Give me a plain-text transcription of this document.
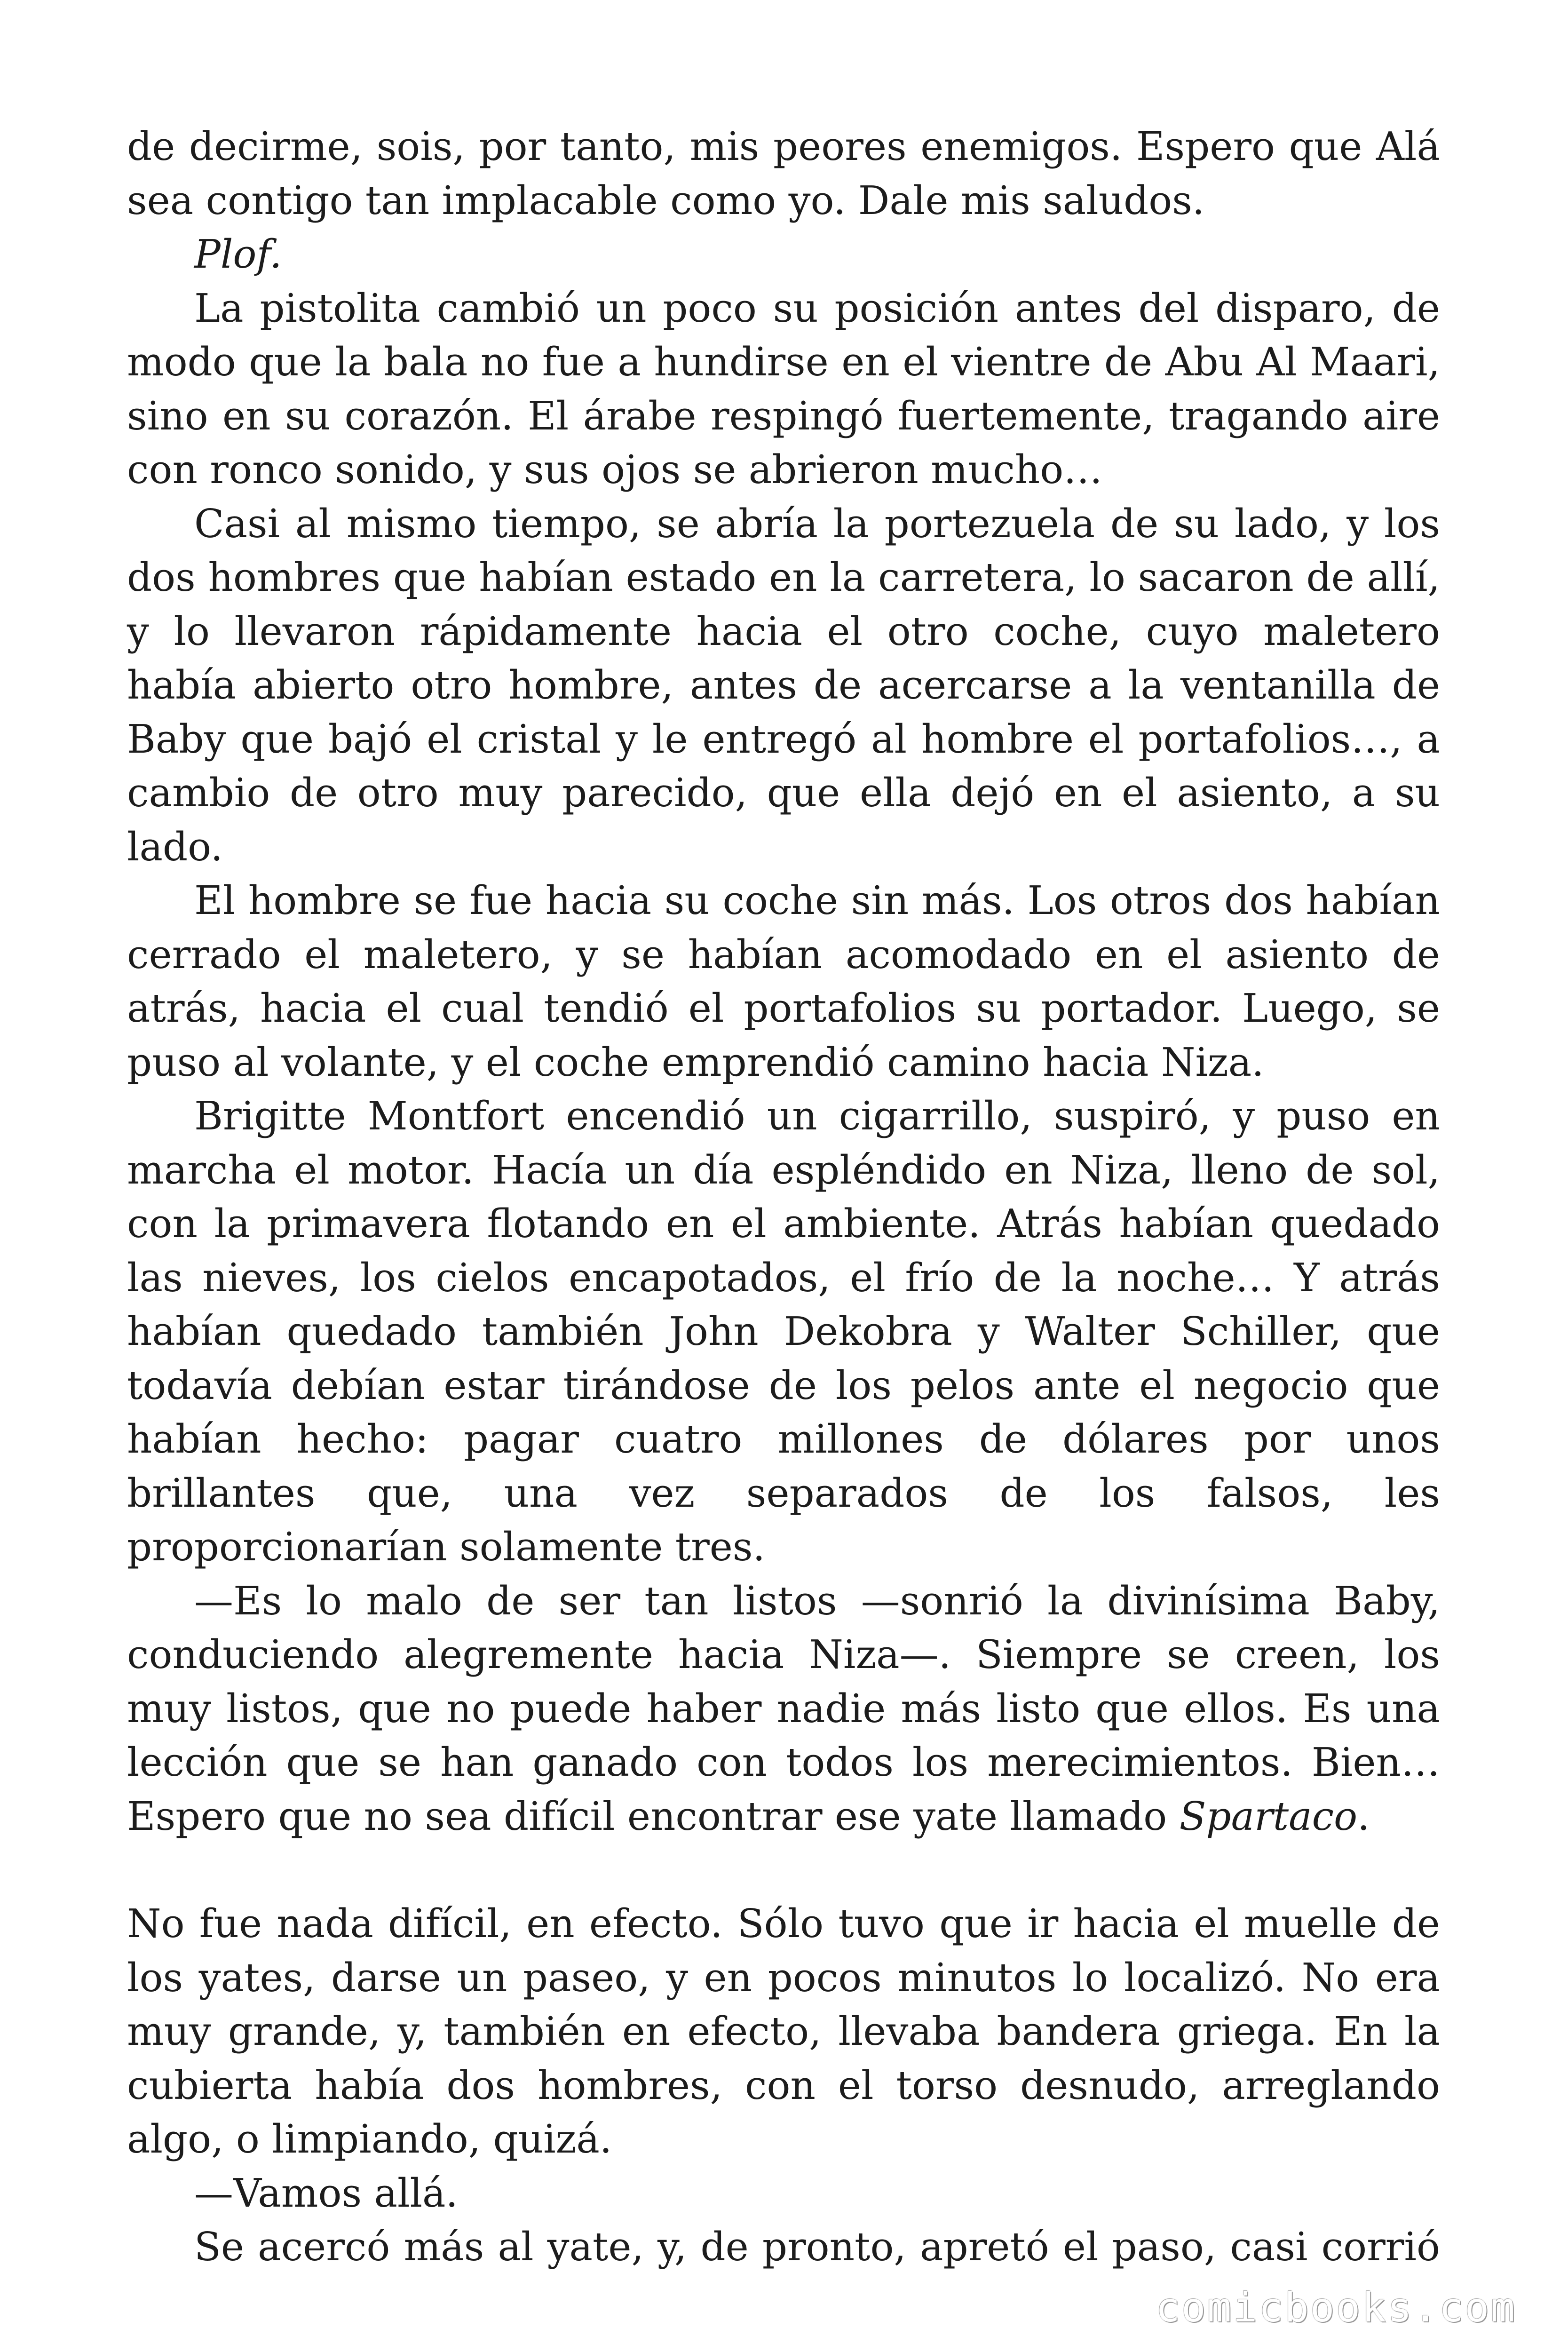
de decirme, sois, por tanto, mis peores enemigos. Espero que Alá sea contigo tan implacable como yo. Dale mis saludos.

Plof.

La pistolita cambió un poco su posición antes del disparo, de modo que la bala no fue a hundirse en el vientre de Abu Al Maari, sino en su corazón. El árabe respingó fuertemente, tragando aire con ronco sonido, y sus ojos se abrieron mucho…

Casi al mismo tiempo, se abría la portezuela de su lado, y los dos hombres que habían estado en la carretera, lo sacaron de allí, y lo llevaron rápidamente hacia el otro coche, cuyo maletero había abierto otro hombre, antes de acercarse a la ventanilla de Baby que bajó el cristal y le entregó al hombre el portafolios…, a cambio de otro muy parecido, que ella dejó en el asiento, a su lado.

El hombre se fue hacia su coche sin más. Los otros dos habían cerrado el maletero, y se habían acomodado en el asiento de atrás, hacia el cual tendió el portafolios su portador. Luego, se puso al volante, y el coche emprendió camino hacia Niza.

Brigitte Montfort encendió un cigarrillo, suspiró, y puso en marcha el motor. Hacía un día espléndido en Niza, lleno de sol, con la primavera flotando en el ambiente. Atrás habían quedado las nieves, los cielos encapotados, el frío de la noche… Y atrás habían quedado también John Dekobra y Walter Schiller, que todavía debían estar tirándose de los pelos ante el negocio que habían hecho: pagar cuatro millones de dólares por unos brillantes que, una vez separados de los falsos, les proporcionarían solamente tres.

—Es lo malo de ser tan listos —sonrió la divinísima Baby, conduciendo alegremente hacia Niza—. Siempre se creen, los muy listos, que no puede haber nadie más listo que ellos. Es una lección que se han ganado con todos los merecimientos. Bien… Espero que no sea difícil encontrar ese yate llamado Spartaco.

No fue nada difícil, en efecto. Sólo tuvo que ir hacia el muelle de los yates, darse un paseo, y en pocos minutos lo localizó. No era muy grande, y, también en efecto, llevaba bandera griega. En la cubierta había dos hombres, con el torso desnudo, arreglando algo, o limpiando, quizá.

—Vamos allá.

Se acercó más al yate, y, de pronto, apretó el paso, casi corrió

comicbooks.com
